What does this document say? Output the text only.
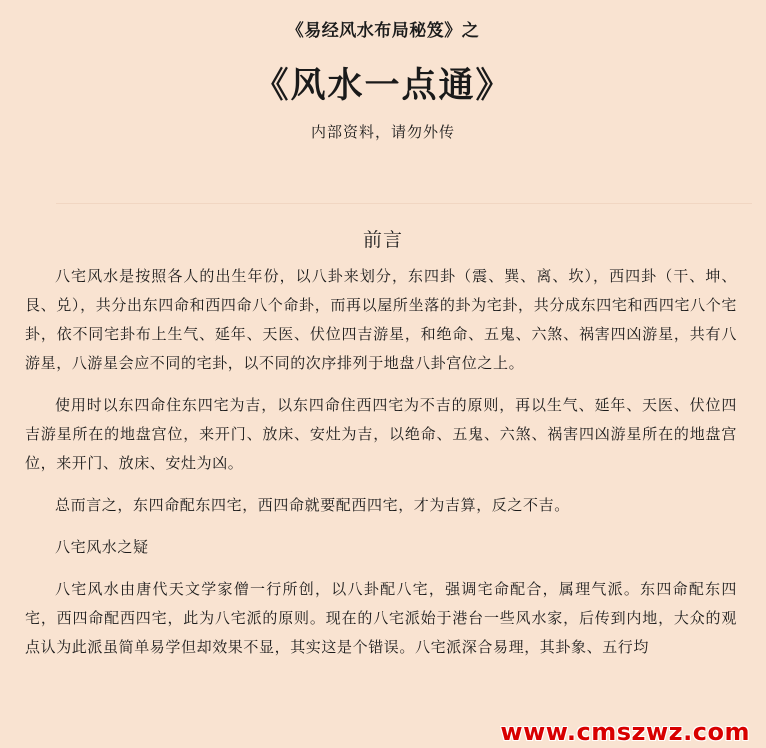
《易经风水布局秘笈》之
《风水一点通》
内部资料，请勿外传
前言

八宅风水是按照各人的出生年份，以八卦来划分，东四卦（震、巽、离、坎），西四卦（干、坤、艮、兑），共分出东四命和西四命八个命卦，而再以屋所坐落的卦为宅卦，共分成东四宅和西四宅八个宅卦，依不同宅卦布上生气、延年、天医、伏位四吉游星，和绝命、五鬼、六煞、祸害四凶游星，共有八游星，八游星会应不同的宅卦，以不同的次序排列于地盘八卦宫位之上。

使用时以东四命住东四宅为吉，以东四命住西四宅为不吉的原则，再以生气、延年、天医、伏位四吉游星所在的地盘宫位，来开门、放床、安灶为吉，以绝命、五鬼、六煞、祸害四凶游星所在的地盘宫位，来开门、放床、安灶为凶。

总而言之，东四命配东四宅，西四命就要配西四宅，才为吉算，反之不吉。

八宅风水之疑

八宅风水由唐代天文学家僧一行所创，以八卦配八宅，强调宅命配合，属理气派。东四命配东四宅，西四命配西四宅，此为八宅派的原则。现在的八宅派始于港台一些风水家，后传到内地，大众的观点认为此派虽简单易学但却效果不显，其实这是个错误。八宅派深合易理，其卦象、五行均

www.cmszwz.com
